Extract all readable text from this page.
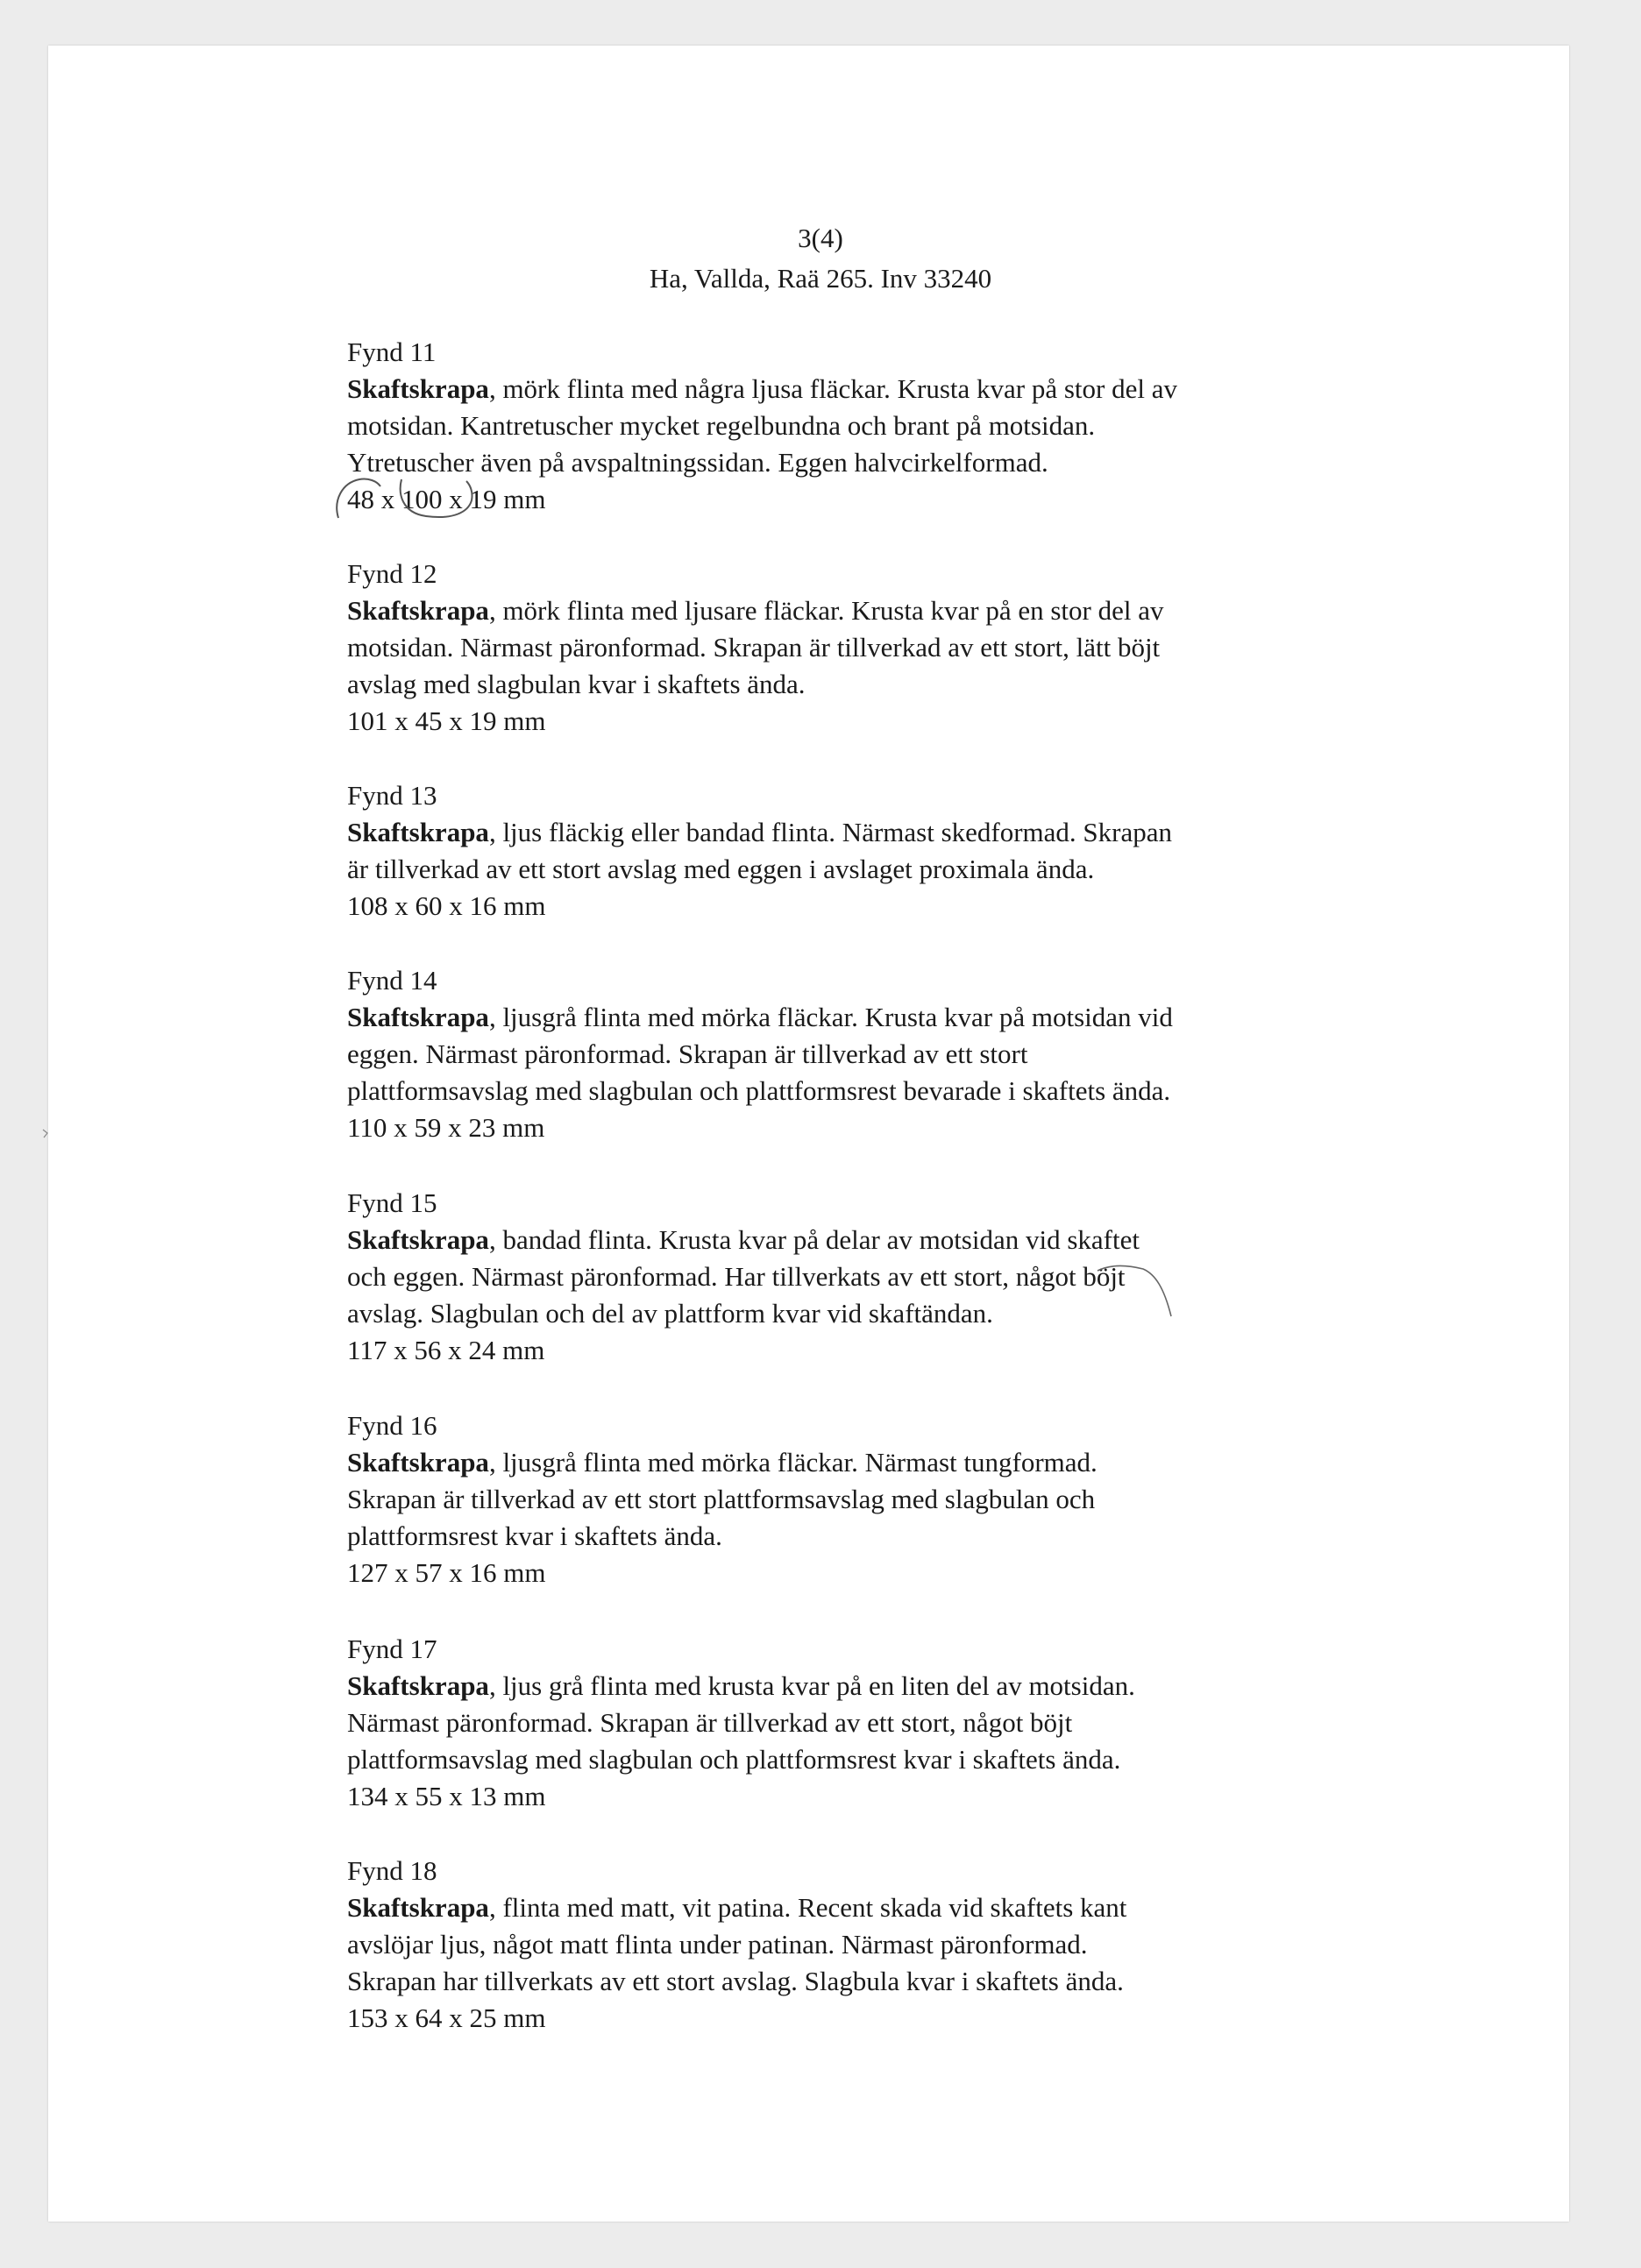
3(4)
Ha, Vallda, Raä 265. Inv 33240
Fynd 11
Skaftskrapa, mörk flinta med några ljusa fläckar. Krusta kvar på stor del av
motsidan. Kantretuscher mycket regelbundna och brant på motsidan.
Ytretuscher även på avspaltningssidan. Eggen halvcirkelformad.
48 x 100 x 19 mm
Fynd 12
Skaftskrapa, mörk flinta med ljusare fläckar. Krusta kvar på en stor del av
motsidan. Närmast päronformad. Skrapan är tillverkad av ett stort, lätt böjt
avslag med slagbulan kvar i skaftets ända.
101 x 45 x 19 mm
Fynd 13
Skaftskrapa, ljus fläckig eller bandad flinta. Närmast skedformad. Skrapan
är tillverkad av ett stort avslag med eggen i avslaget proximala ända.
108 x 60 x 16 mm
Fynd 14
Skaftskrapa, ljusgrå flinta med mörka fläckar. Krusta kvar på motsidan vid
eggen. Närmast päronformad. Skrapan är tillverkad av ett stort
plattformsavslag med slagbulan och plattformsrest bevarade i skaftets ända.
110 x 59 x 23 mm
Fynd 15
Skaftskrapa, bandad flinta. Krusta kvar på delar av motsidan vid skaftet
och eggen. Närmast päronformad. Har tillverkats av ett stort, något böjt
avslag. Slagbulan och del av plattform kvar vid skaftändan.
117 x 56 x 24 mm
Fynd 16
Skaftskrapa, ljusgrå flinta med mörka fläckar. Närmast tungformad.
Skrapan är tillverkad av ett stort plattformsavslag med slagbulan och
plattformsrest kvar i skaftets ända.
127 x 57 x 16 mm
Fynd 17
Skaftskrapa, ljus grå flinta med krusta kvar på en liten del av motsidan.
Närmast päronformad. Skrapan är tillverkad av ett stort, något böjt
plattformsavslag med slagbulan och plattformsrest kvar i skaftets ända.
134 x 55 x 13 mm
Fynd 18
Skaftskrapa, flinta med matt, vit patina. Recent skada vid skaftets kant
avslöjar ljus, något matt flinta under patinan. Närmast päronformad.
Skrapan har tillverkats av ett stort avslag. Slagbula kvar i skaftets ända.
153 x 64 x 25 mm
